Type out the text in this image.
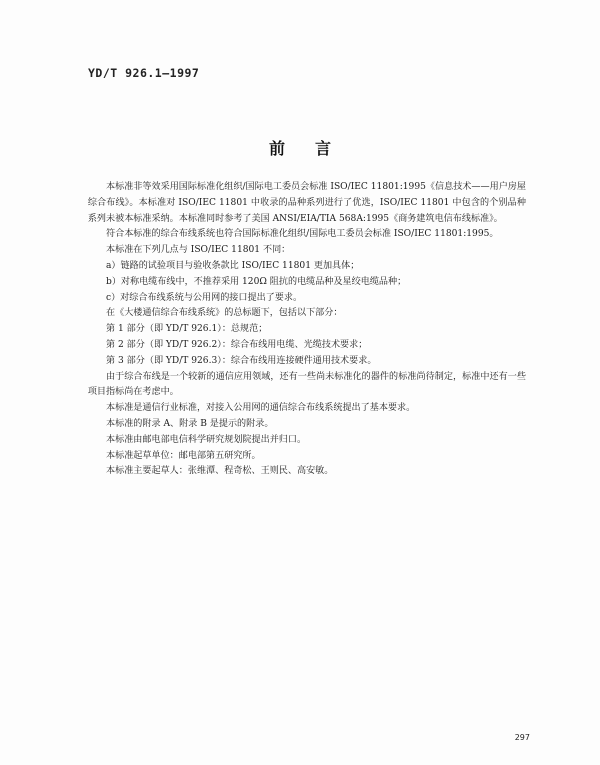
YD/T 926.1—1997
前言

本标准非等效采用国际标准化组织/国际电工委员会标准 ISO/IEC 11801:1995《信息技术——用户房屋综合布线》。本标准对 ISO/IEC 11801 中收录的品种系列进行了优选，ISO/IEC 11801 中包含的个别品种系列未被本标准采纳。本标准同时参考了美国 ANSI/EIA/TIA 568A:1995《商务建筑电信布线标准》。

符合本标准的综合布线系统也符合国际标准化组织/国际电工委员会标准 ISO/IEC 11801:1995。

本标准在下列几点与 ISO/IEC 11801 不同：

a）链路的试验项目与验收条款比 ISO/IEC 11801 更加具体；

b）对称电缆布线中，不推荐采用 120Ω 阻抗的电缆品种及星绞电缆品种；

c）对综合布线系统与公用网的接口提出了要求。

在《大楼通信综合布线系统》的总标题下，包括以下部分：

第 1 部分（即 YD/T 926.1）：总规范；

第 2 部分（即 YD/T 926.2）：综合布线用电缆、光缆技术要求；

第 3 部分（即 YD/T 926.3）：综合布线用连接硬件通用技术要求。

由于综合布线是一个较新的通信应用领域，还有一些尚未标准化的器件的标准尚待制定，标准中还有一些项目指标尚在考虑中。

本标准是通信行业标准，对接入公用网的通信综合布线系统提出了基本要求。

本标准的附录 A、附录 B 是提示的附录。

本标准由邮电部电信科学研究规划院提出并归口。

本标准起草单位：邮电部第五研究所。

本标准主要起草人：张维潭、程奇松、王则民、高安敏。

297
